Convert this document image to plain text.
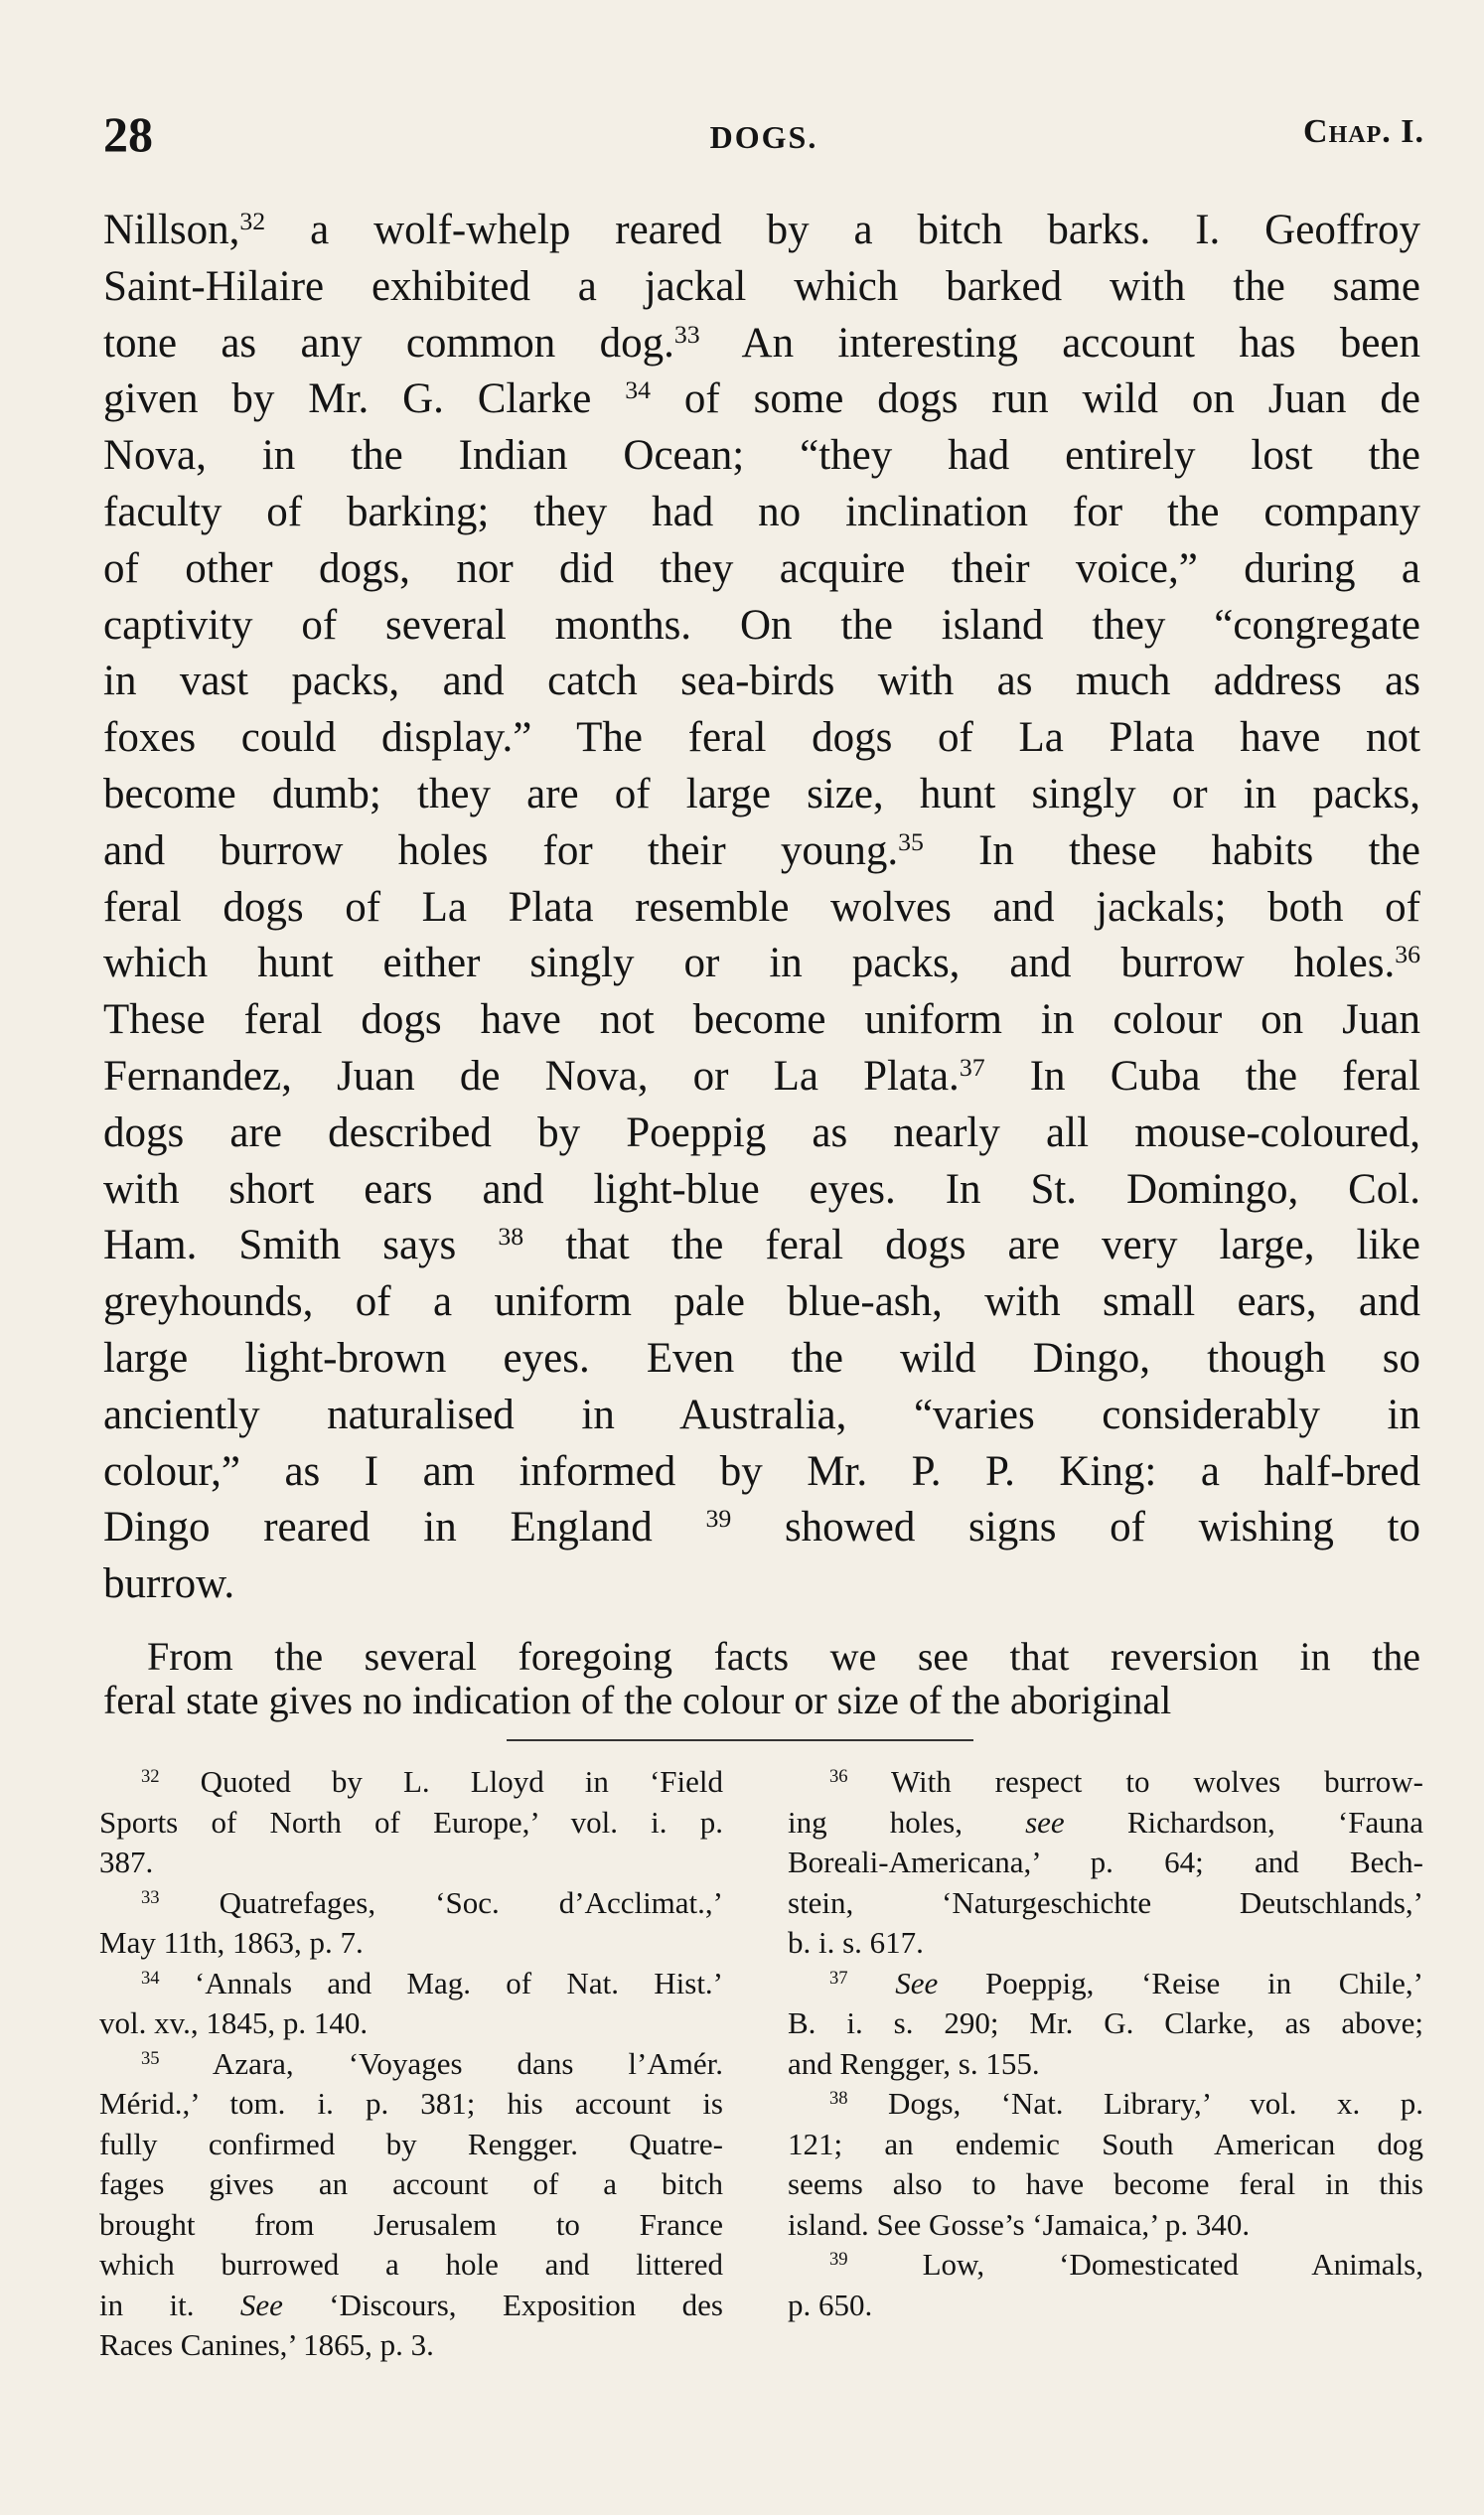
28	DOGS.	Chap. I.
Nillson,$^{32}$ a wolf-whelp reared by a bitch barks. I. Geoffroy
Saint-Hilaire exhibited a jackal which barked with the same
tone as any common dog.$^{33}$ An interesting account has been
given by Mr. G. Clarke $^{34}$ of some dogs run wild on Juan de
Nova, in the Indian Ocean; “they had entirely lost the
faculty of barking; they had no inclination for the company
of other dogs, nor did they acquire their voice,” during a
captivity of several months. On the island they “congregate
in vast packs, and catch sea-birds with as much address as
foxes could display.” The feral dogs of La Plata have not
become dumb; they are of large size, hunt singly or in packs,
and burrow holes for their young.$^{35}$ In these habits the
feral dogs of La Plata resemble wolves and jackals; both of
which hunt either singly or in packs, and burrow holes.$^{36}$
These feral dogs have not become uniform in colour on Juan
Fernandez, Juan de Nova, or La Plata.$^{37}$ In Cuba the feral
dogs are described by Poeppig as nearly all mouse-coloured,
with short ears and light-blue eyes. In St. Domingo, Col.
Ham. Smith says $^{38}$ that the feral dogs are very large, like
greyhounds, of a uniform pale blue-ash, with small ears, and
large light-brown eyes. Even the wild Dingo, though so
anciently naturalised in Australia, “varies considerably in
colour,” as I am informed by Mr. P. P. King: a half-bred
Dingo reared in England $^{39}$ showed signs of wishing to
burrow.
From the several foregoing facts we see that reversion in the
feral state gives no indication of the colour or size of the aboriginal
$^{32}$ Quoted by L. Lloyd in ‘Field
Sports of North of Europe,’ vol. i. p.
387.
$^{33}$ Quatrefages, ‘Soc. d’Acclimat.,’
May 11th, 1863, p. 7.
$^{34}$ ‘Annals and Mag. of Nat. Hist.’
vol. xv., 1845, p. 140.
$^{35}$ Azara, ‘Voyages dans l’Amér.
Mérid.,’ tom. i. p. 381; his account is
fully confirmed by Rengger. Quatre-
fages gives an account of a bitch
brought from Jerusalem to France
which burrowed a hole and littered
in it. See ‘Discours, Exposition des
Races Canines,’ 1865, p. 3.
$^{36}$ With respect to wolves burrow-
ing holes, see Richardson, ‘Fauna
Boreali-Americana,’ p. 64; and Bech-
stein, ‘Naturgeschichte Deutschlands,’
b. i. s. 617.
$^{37}$ See Poeppig, ‘Reise in Chile,’
B. i. s. 290; Mr. G. Clarke, as above;
and Rengger, s. 155.
$^{38}$ Dogs, ‘Nat. Library,’ vol. x. p.
121; an endemic South American dog
seems also to have become feral in this
island. See Gosse’s ‘Jamaica,’ p. 340.
$^{39}$ Low, ‘Domesticated Animals,
p. 650.
